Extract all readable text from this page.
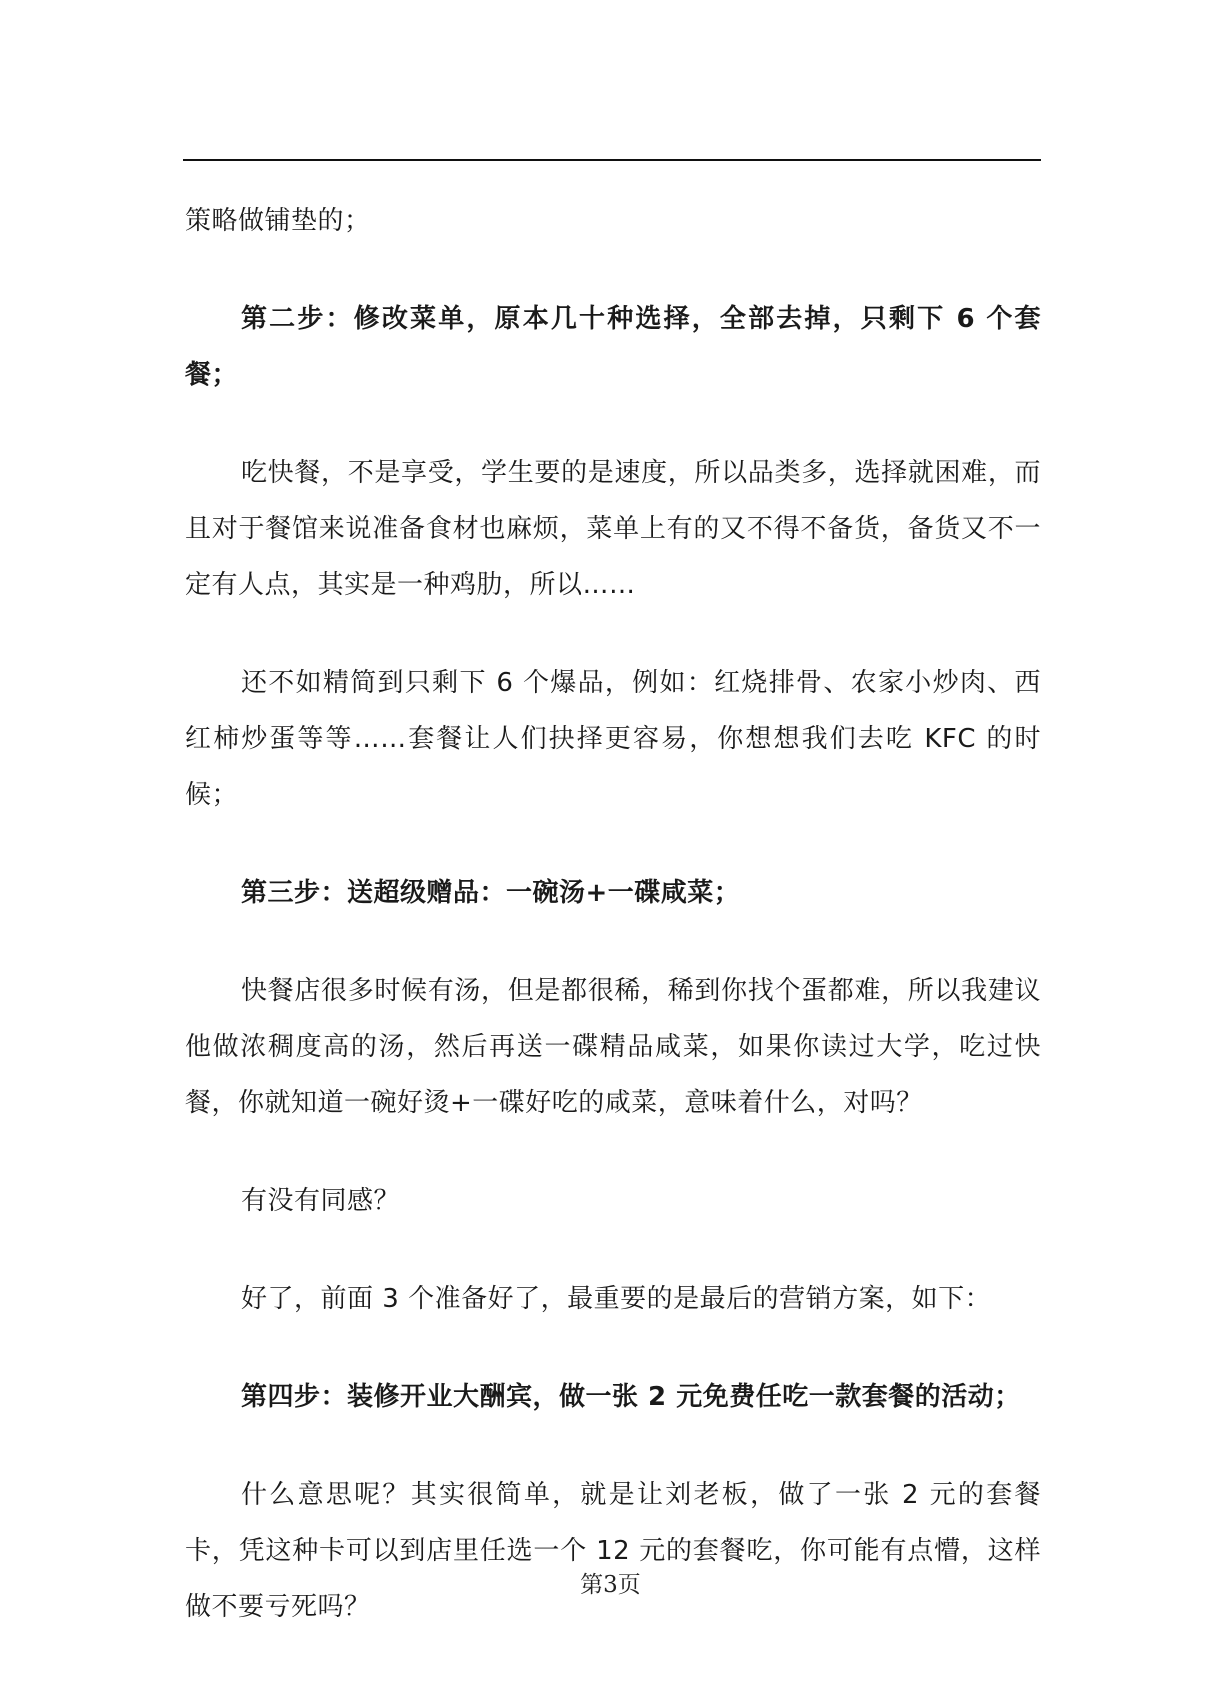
策略做铺垫的；

第二步：修改菜单，原本几十种选择，全部去掉，只剩下 6 个套餐；

吃快餐，不是享受，学生要的是速度，所以品类多，选择就困难，而且对于餐馆来说准备食材也麻烦，菜单上有的又不得不备货，备货又不一定有人点，其实是一种鸡肋，所以……

还不如精简到只剩下 6 个爆品，例如：红烧排骨、农家小炒肉、西红柿炒蛋等等……套餐让人们抉择更容易，你想想我们去吃 KFC 的时候；

第三步：送超级赠品：一碗汤+一碟咸菜；

快餐店很多时候有汤，但是都很稀，稀到你找个蛋都难，所以我建议他做浓稠度高的汤，然后再送一碟精品咸菜，如果你读过大学，吃过快餐，你就知道一碗好烫+一碟好吃的咸菜，意味着什么，对吗？

有没有同感？

好了，前面 3 个准备好了，最重要的是最后的营销方案，如下：

第四步：装修开业大酬宾，做一张 2 元免费任吃一款套餐的活动；

什么意思呢？其实很简单，就是让刘老板，做了一张 2 元的套餐卡，凭这种卡可以到店里任选一个 12 元的套餐吃，你可能有点懵，这样做不要亏死吗？

第3页
